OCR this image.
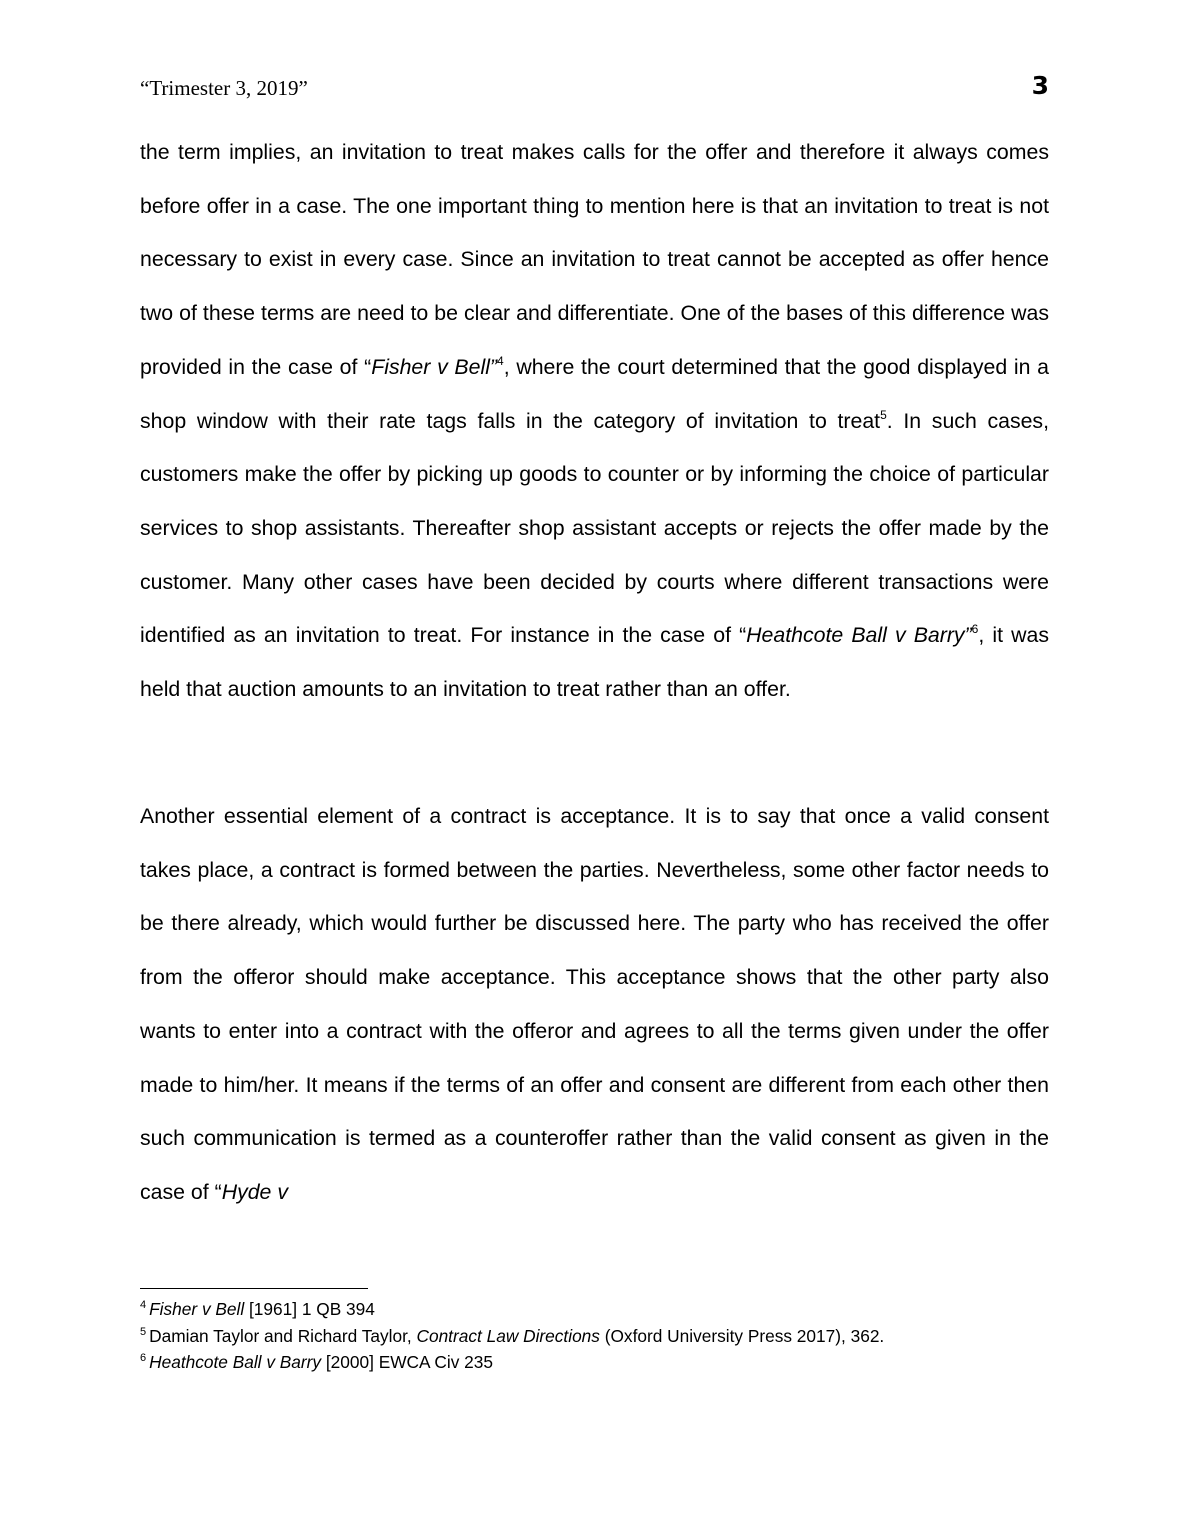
“Trimester 3, 2019”	3

the term implies, an invitation to treat makes calls for the offer and therefore it always comes before offer in a case. The one important thing to mention here is that an invitation to treat is not necessary to exist in every case. Since an invitation to treat cannot be accepted as offer hence two of these terms are need to be clear and differentiate. One of the bases of this difference was provided in the case of “Fisher v Bell”$^4$, where the court determined that the good displayed in a shop window with their rate tags falls in the category of invitation to treat$^5$. In such cases, customers make the offer by picking up goods to counter or by informing the choice of particular services to shop assistants. Thereafter shop assistant accepts or rejects the offer made by the customer. Many other cases have been decided by courts where different transactions were identified as an invitation to treat. For instance in the case of “Heathcote Ball v Barry”$^6$, it was held that auction amounts to an invitation to treat rather than an offer.

Another essential element of a contract is acceptance. It is to say that once a valid consent takes place, a contract is formed between the parties. Nevertheless, some other factor needs to be there already, which would further be discussed here. The party who has received the offer from the offeror should make acceptance. This acceptance shows that the other party also wants to enter into a contract with the offeror and agrees to all the terms given under the offer made to him/her. It means if the terms of an offer and consent are different from each other then such communication is termed as a counteroffer rather than the valid consent as given in the case of “Hyde v

$^4$ Fisher v Bell [1961] 1 QB 394

$^5$ Damian Taylor and Richard Taylor, Contract Law Directions (Oxford University Press 2017), 362.

$^6$ Heathcote Ball v Barry [2000] EWCA Civ 235
